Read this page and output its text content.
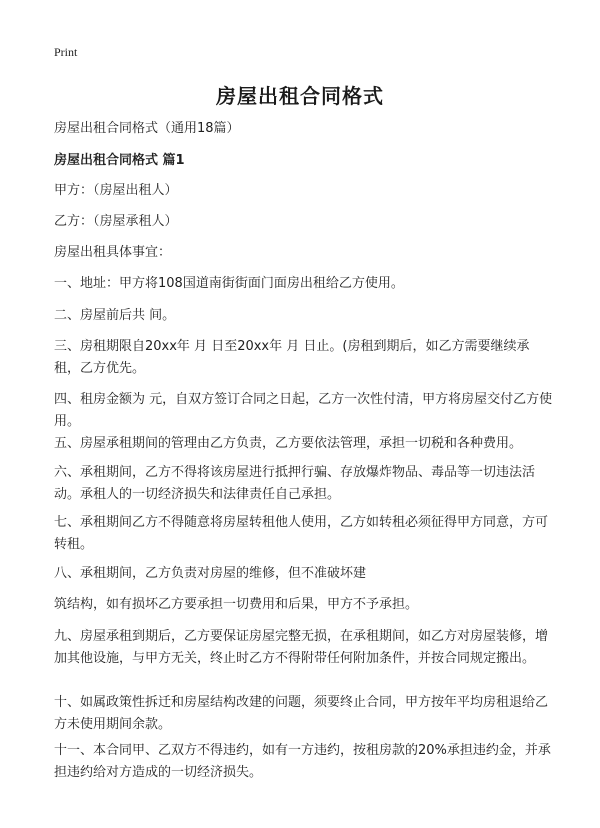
Print
房屋出租合同格式
房屋出租合同格式（通用18篇）
房屋出租合同格式 篇1
甲方：（房屋出租人）
乙方：（房屋承租人）
房屋出租具体事宜：
一、地址：甲方将108国道南街街面门面房出租给乙方使用。
二、房屋前后共 间。
三、房租期限自20xx年 月 日至20xx年 月 日止。(房租到期后，如乙方需要继续承租，乙方优先。
四、租房金额为 元，自双方签订合同之日起，乙方一次性付清，甲方将房屋交付乙方使用。
五、房屋承租期间的管理由乙方负责，乙方要依法管理，承担一切税和各种费用。
六、承租期间，乙方不得将该房屋进行抵押行骗、存放爆炸物品、毒品等一切违法活动。承租人的一切经济损失和法律责任自己承担。
七、承租期间乙方不得随意将房屋转租他人使用，乙方如转租必须征得甲方同意，方可转租。
八、承租期间，乙方负责对房屋的维修，但不准破坏建
筑结构，如有损坏乙方要承担一切费用和后果，甲方不予承担。
九、房屋承租到期后，乙方要保证房屋完整无损，在承租期间，如乙方对房屋装修，增加其他设施，与甲方无关，终止时乙方不得附带任何附加条件，并按合同规定搬出。
十、如属政策性拆迁和房屋结构改建的问题，须要终止合同，甲方按年平均房租退给乙方未使用期间余款。
十一、本合同甲、乙双方不得违约，如有一方违约，按租房款的20%承担违约金，并承担违约给对方造成的一切经济损失。
